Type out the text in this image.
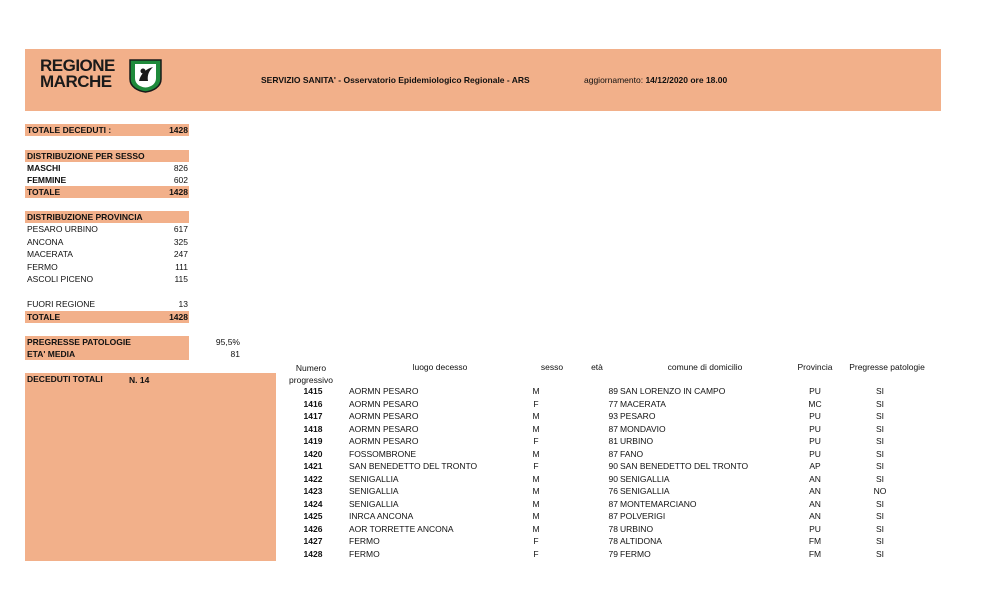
REGIONE
MARCHE	SERVIZIO SANITA' - Osservatorio Epidemiologico Regionale - ARS	aggiornamento: 14/12/2020 ore 18.00
TOTALE DECEDUTI :	1428
DISTRIBUZIONE PER SESSO
MASCHI	826
FEMMINE	602
TOTALE	1428
DISTRIBUZIONE PROVINCIA
PESARO URBINO	617
ANCONA	325
MACERATA	247
FERMO	111
ASCOLI PICENO	115
FUORI REGIONE	13
TOTALE	1428
PREGRESSE PATOLOGIE	95,5%
ETA' MEDIA	81
DECEDUTI TOTALI	N. 14
Numero
progressivo
luogo decesso	sesso	età	comune di domicilio	Provincia	Pregresse patologie
1415	AORMN PESARO	M	89 SAN LORENZO IN CAMPO	PU	SI
1416	AORMN PESARO	F	77 MACERATA	MC	SI
1417	AORMN PESARO	M	93 PESARO	PU	SI
1418	AORMN PESARO	M	87 MONDAVIO	PU	SI
1419	AORMN PESARO	F	81 URBINO	PU	SI
1420	FOSSOMBRONE	M	87 FANO	PU	SI
1421	SAN BENEDETTO DEL TRONTO	F	90 SAN BENEDETTO DEL TRONTO	AP	SI
1422	SENIGALLIA	M	90 SENIGALLIA	AN	SI
1423	SENIGALLIA	M	76 SENIGALLIA	AN	NO
1424	SENIGALLIA	M	87 MONTEMARCIANO	AN	SI
1425	INRCA ANCONA	M	87 POLVERIGI	AN	SI
1426	AOR TORRETTE ANCONA	M	78 URBINO	PU	SI
1427	FERMO	F	78 ALTIDONA	FM	SI
1428	FERMO	F	79 FERMO	FM	SI
